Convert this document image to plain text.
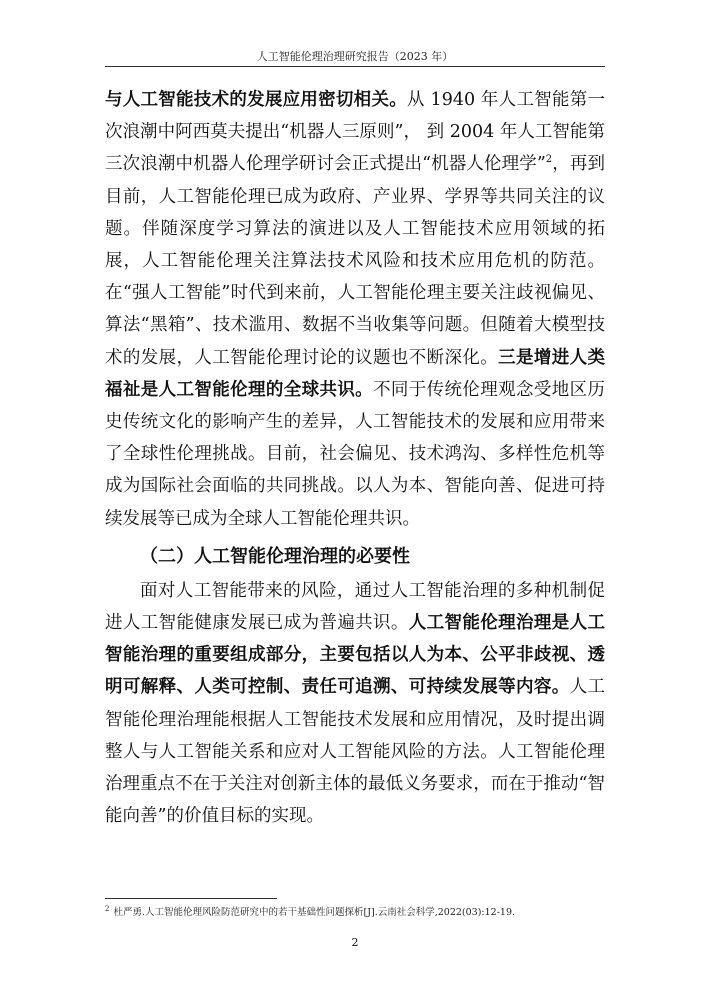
人工智能伦理治理研究报告（2023 年）

与人工智能技术的发展应用密切相关。从 1940 年人工智能第一次浪潮中阿西莫夫提出“机器人三原则”， 到 2004 年人工智能第三次浪潮中机器人伦理学研讨会正式提出“机器人伦理学”$^2$，再到目前，人工智能伦理已成为政府、产业界、学界等共同关注的议题。伴随深度学习算法的演进以及人工智能技术应用领域的拓展，人工智能伦理关注算法技术风险和技术应用危机的防范。在“强人工智能”时代到来前，人工智能伦理主要关注歧视偏见、算法“黑箱”、技术滥用、数据不当收集等问题。但随着大模型技术的发展，人工智能伦理讨论的议题也不断深化。三是增进人类福祉是人工智能伦理的全球共识。不同于传统伦理观念受地区历史传统文化的影响产生的差异，人工智能技术的发展和应用带来了全球性伦理挑战。目前，社会偏见、技术鸿沟、多样性危机等成为国际社会面临的共同挑战。以人为本、智能向善、促进可持续发展等已成为全球人工智能伦理共识。

（二）人工智能伦理治理的必要性

面对人工智能带来的风险，通过人工智能治理的多种机制促进人工智能健康发展已成为普遍共识。人工智能伦理治理是人工智能治理的重要组成部分，主要包括以人为本、公平非歧视、透明可解释、人类可控制、责任可追溯、可持续发展等内容。人工智能伦理治理能根据人工智能技术发展和应用情况，及时提出调整人与人工智能关系和应对人工智能风险的方法。人工智能伦理治理重点不在于关注对创新主体的最低义务要求，而在于推动“智能向善”的价值目标的实现。

$^2$ 杜严勇.人工智能伦理风险防范研究中的若干基础性问题探析[J].云南社会科学,2022(03):12-19.
2
